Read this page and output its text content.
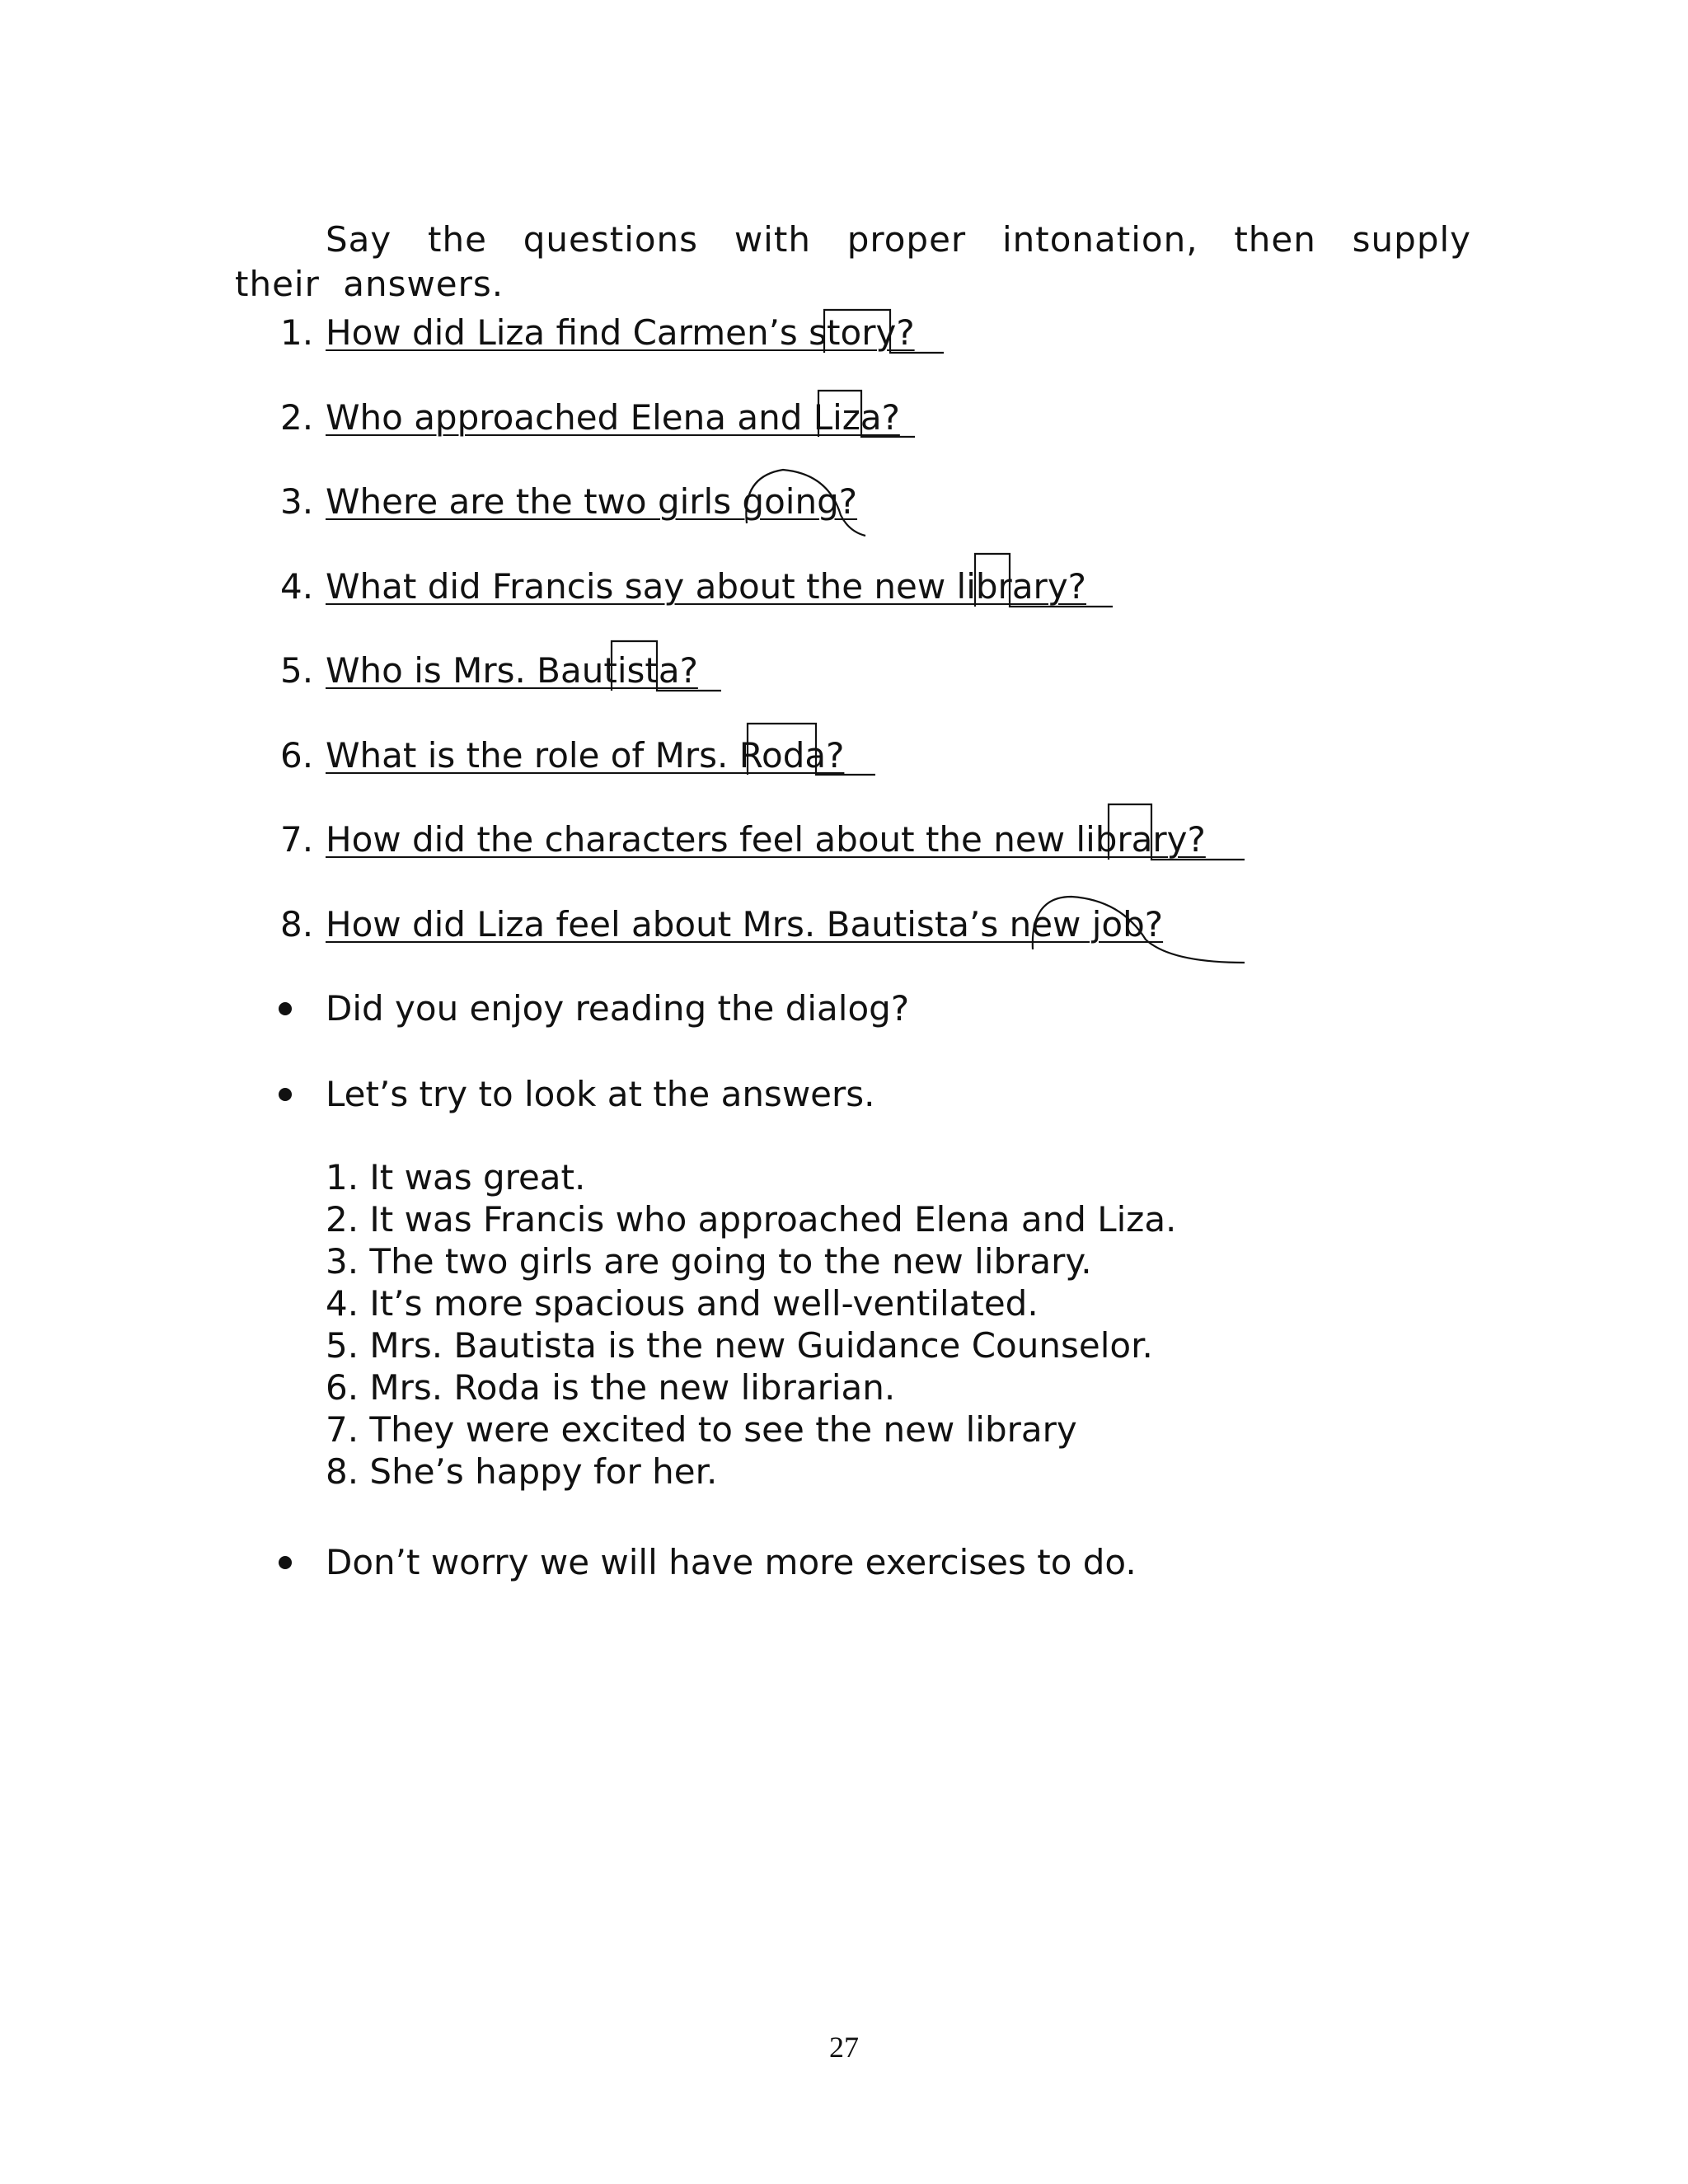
Say the questions with proper intonation, then supply their answers.

1. How did Liza find Carmen’s story?
2. Who approached Elena and Liza?
3. Where are the two girls going?
4. What did Francis say about the new library?
5. Who is Mrs. Bautista?
6. What is the role of Mrs. Roda?
7. How did the characters feel about the new library?
8. How did Liza feel about Mrs. Bautista’s new job?
Did you enjoy reading the dialog?
Let’s try to look at the answers.
1. It was great.
2. It was Francis who approached Elena and Liza.
3. The two girls are going to the new library.
4. It’s more spacious and well-ventilated.
5. Mrs. Bautista is the new Guidance Counselor.
6. Mrs. Roda is the new librarian.
7. They were excited to see the new library
8. She’s happy for her.
Don’t worry we will have more exercises to do.
27
